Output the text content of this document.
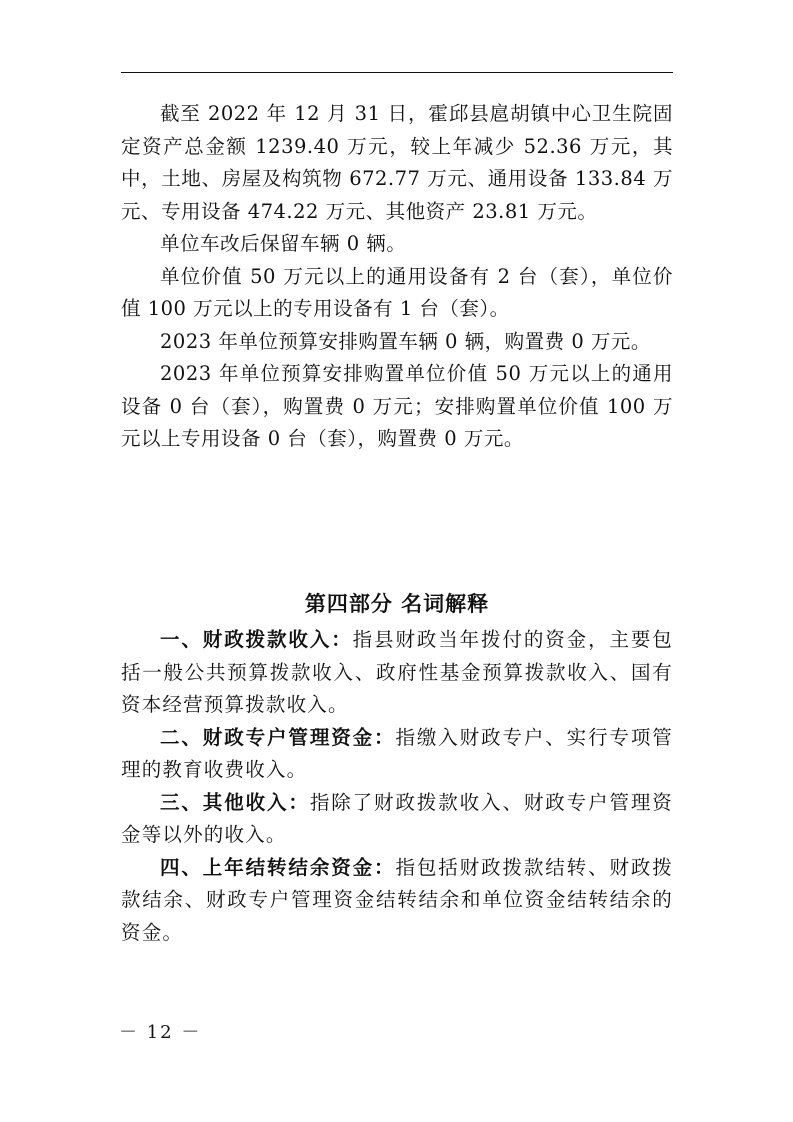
截至 2022 年 12 月 31 日，霍邱县扈胡镇中心卫生院固定资产总金额 1239.40 万元，较上年减少 52.36 万元，其中，土地、房屋及构筑物 672.77 万元、通用设备 133.84 万元、专用设备 474.22 万元、其他资产 23.81 万元。

单位车改后保留车辆 0 辆。

单位价值 50 万元以上的通用设备有 2 台（套），单位价值 100 万元以上的专用设备有 1 台（套）。

2023 年单位预算安排购置车辆 0 辆，购置费 0 万元。

2023 年单位预算安排购置单位价值 50 万元以上的通用设备 0 台（套），购置费 0 万元；安排购置单位价值 100 万元以上专用设备 0 台（套），购置费 0 万元。

第四部分 名词解释

一、财政拨款收入：指县财政当年拨付的资金，主要包括一般公共预算拨款收入、政府性基金预算拨款收入、国有资本经营预算拨款收入。

二、财政专户管理资金：指缴入财政专户、实行专项管理的教育收费收入。

三、其他收入：指除了财政拨款收入、财政专户管理资金等以外的收入。

四、上年结转结余资金：指包括财政拨款结转、财政拨款结余、财政专户管理资金结转结余和单位资金结转结余的资金。

－ 12 －
